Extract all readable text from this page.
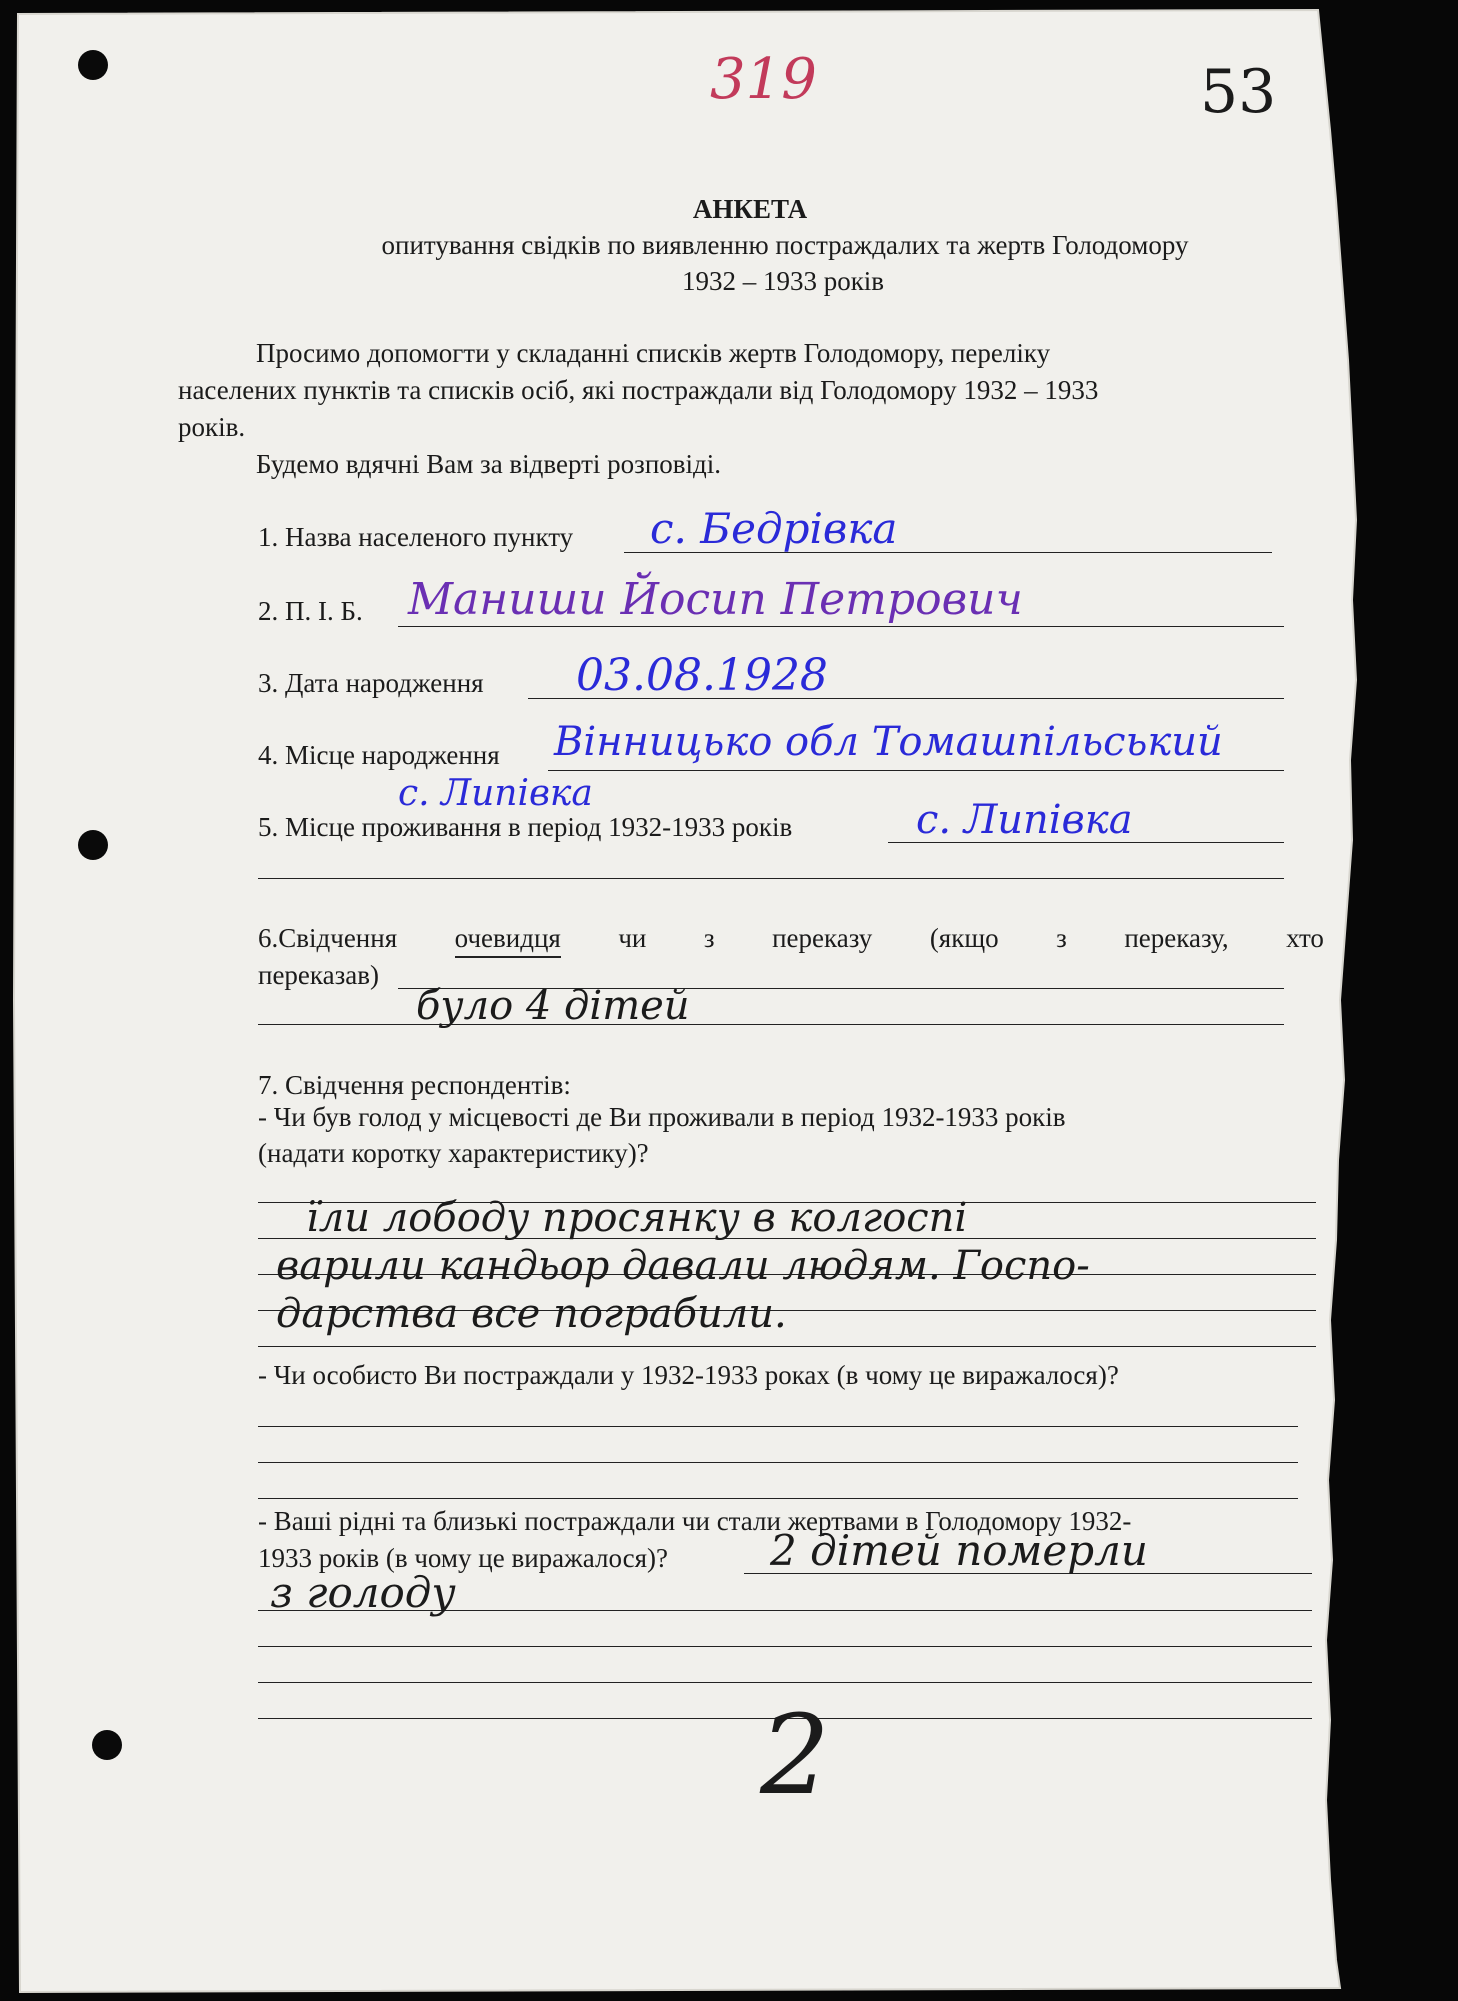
319	53

АНКЕТА

опитування свідків по виявленню постраждалих та жертв Голодомору

1932 – 1933 років

Просимо допомогти у складанні списків жертв Голодомору, переліку

населених пунктів та списків осіб, які постраждали від Голодомору 1932 – 1933

років.

Будемо вдячні Вам за відверті розповіді.

1. Назва населеного пункту с. Бедрівка

2. П. І. Б. Маниши Йосип Петрович

3. Дата народження 03.08.1928

4. Місце народження Вінницько обл Томашпільський
с. Липівка

5. Місце проживання в період 1932-1933 років	с. Липівка
6.Свідчення очевидця чи з переказу (якщо з переказу, хто

переказав)

було 4 дітей

7. Свідчення респондентів:

- Чи був голод у місцевості де Ви проживали в період 1932-1933 років

(надати коротку характеристику)?

їли лободу просянку в колгоспі
варили кандьор давали людям. Госпо-
дарства все пограбили.

- Чи особисто Ви постраждали у 1932-1933 роках (в чому це виражалося)?

- Ваші рідні та близькі постраждали чи стали жертвами в Голодомору 1932-

1933 років (в чому це виражалося)? 2 дітей померли
з голоду
2
